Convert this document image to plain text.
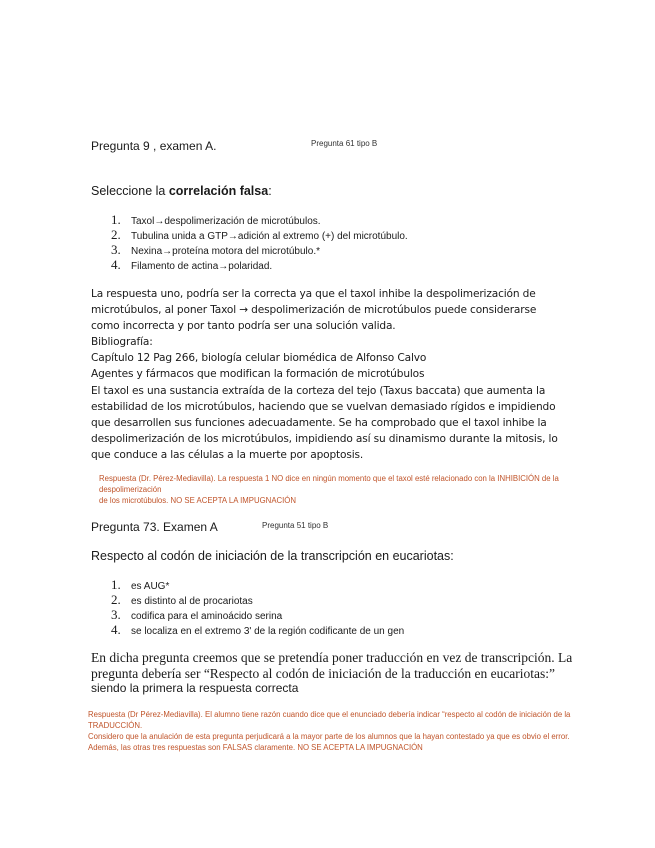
Pregunta 9 , examen A.	Pregunta 61 tipo B
Seleccione la correlación falsa:
1.	Taxol→despolimerización de microtúbulos.
2.	Tubulina unida a GTP→adición al extremo (+) del microtúbulo.
3.	Nexina→proteína motora del microtúbulo.*
4.	Filamento de actina→polaridad.
La respuesta uno, podría ser la correcta ya que el taxol inhibe la despolimerización de
microtúbulos, al poner Taxol → despolimerización de microtúbulos puede considerarse
como incorrecta y por tanto podría ser una solución valida.
Bibliografía:
Capítulo 12 Pag 266, biología celular biomédica de Alfonso Calvo
Agentes y fármacos que modifican la formación de microtúbulos
El taxol es una sustancia extraída de la corteza del tejo (Taxus baccata) que aumenta la
estabilidad de los microtúbulos, haciendo que se vuelvan demasiado rígidos e impidiendo
que desarrollen sus funciones adecuadamente. Se ha comprobado que el taxol inhibe la
despolimerización de los microtúbulos, impidiendo así su dinamismo durante la mitosis, lo
que conduce a las células a la muerte por apoptosis.
Respuesta (Dr. Pérez-Mediavilla). La respuesta 1 NO dice en ningún momento que el taxol esté relacionado con la INHIBICIÓN de la
despolimerización
de los microtúbulos. NO SE ACEPTA LA IMPUGNACIÓN
Pregunta 73. Examen A	Pregunta 51 tipo B
Respecto al codón de iniciación de la transcripción en eucariotas:
1.	es AUG*
2.	es distinto al de procariotas
3.	codifica para el aminoácido serina
4.	se localiza en el extremo 3' de la región codificante de un gen
En dicha pregunta creemos que se pretendía poner traducción en vez de transcripción. La
pregunta debería ser “Respecto al codón de iniciación de la traducción en eucariotas:”
siendo la primera la respuesta correcta
Respuesta (Dr Pérez-Mediavilla). El alumno tiene razón cuando dice que el enunciado debería indicar “respecto al codón de iniciación de la
TRADUCCIÓN.
Considero que la anulación de esta pregunta perjudicará a la mayor parte de los alumnos que la hayan contestado ya que es obvio el error.
Además, las otras tres respuestas son FALSAS claramente. NO SE ACEPTA LA IMPUGNACIÓN
